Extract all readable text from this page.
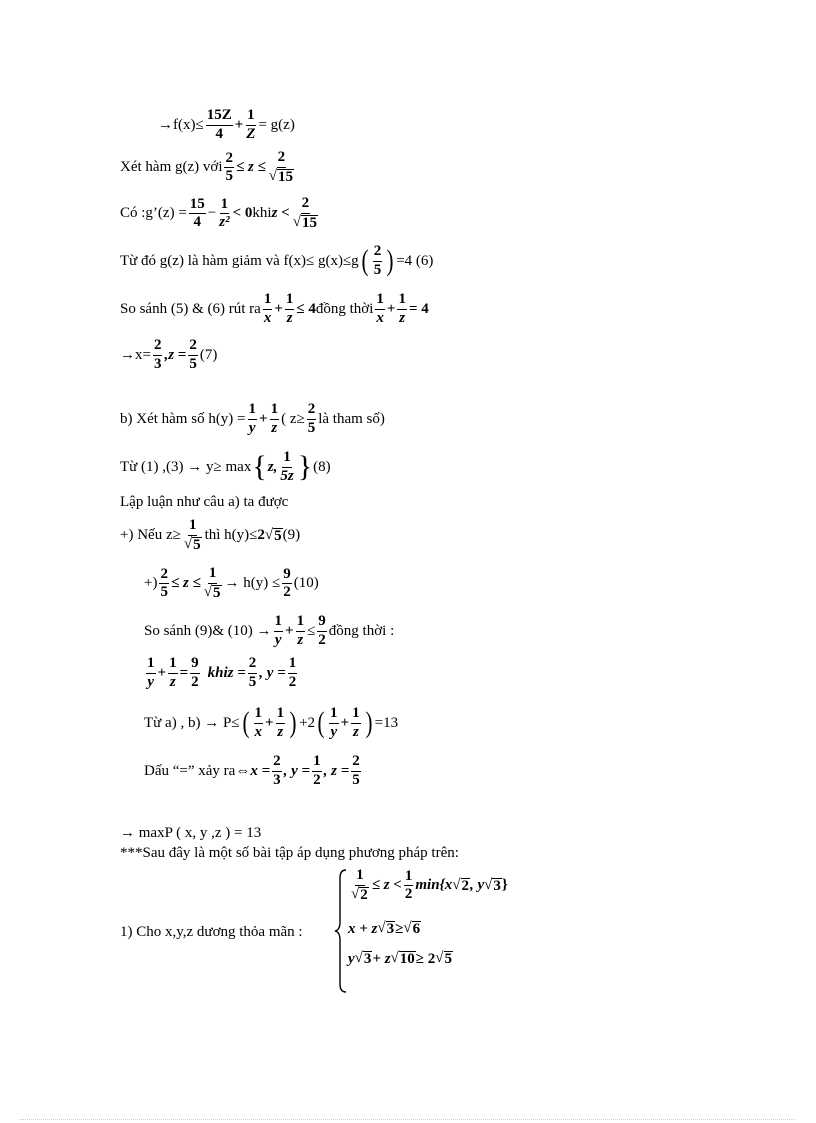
→ $f(x)\le \frac{15Z}{4} + \frac{1}{Z} = g(z)$
Xét hàm g(z) với $\frac{2}{5} \le z \le \frac{2}{√ 15}$
Có :g’(z) = $\frac{15}{4} - \frac{1}{\text{z²}} < 0$ khi $z < \frac{2}{√ 15}$
Từ đó g(z) là hàm giảm và f(x)≤ g(x)≤g ( $\frac{2}{5}$ ) =4 (6)
So sánh (5) & (6) rút ra $\frac{1}{x} + \frac{1}{z} \le 4$ đồng thời $\frac{1}{x} + \frac{1}{z} = 4$
→ $x= \frac{2}{3} ,z = \frac{2}{5} (7)$
b) Xét hàm số $h(y) = \frac{1}{y} + \frac{1}{z}$ ( $z\ge \frac{2}{5}$ là tham số)
Từ (1) ,(3) → y≥ max { z, $\frac{1}{5z}$ } (8)
Lập luận như câu a) ta được
+) Nếu $z\ge \frac{1}{√ 5}$ thì h(y)≤ 2 √ 5 (9)
+) $\frac{2}{5} \le z \le \frac{1}{√ 5} \to h(y) \le \frac{9}{2} (10)$
So sánh (9)& $(10) \to \frac{1}{y} + \frac{1}{z} \le \frac{9}{2}$ đồng thời :
$\frac{1}{y} + \frac{1}{z} = \frac{9}{2}$ khi $z = \frac{2}{5}$ , $y = \frac{1}{2}$
Từ a) , b) → P≤ ( $\frac{1}{x} + \frac{1}{z}$ ) +2 ( $\frac{1}{y} + \frac{1}{z}$ ) =13
Dấu “=” xảy ra⇔ $x = \frac{2}{3}$ , $y = \frac{1}{2}$ , $z = \frac{2}{5}$
→ maxP ( x, y ,z ) = 13
***Sau đây là một số bài tập áp dụng phương pháp trên:
1) Cho x,y,z dương thỏa mãn :
$\frac{1}{√ 2} \le z < \frac{1}{2} \min\{x$ √ 2 , y √ 3 }
x + z √ 3 ≥ √ 6
y √ 3 + z √ 10 ≥ 2 √ 5
